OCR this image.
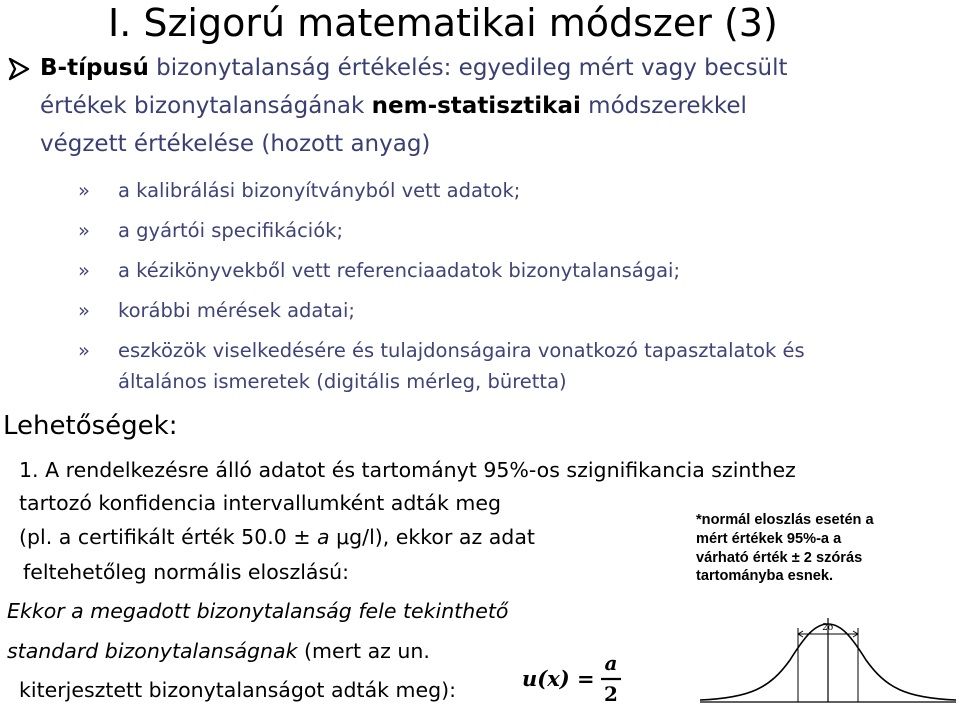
I. Szigorú matematikai módszer (3)
B-típusú bizonytalanság értékelés: egyedileg mért vagy becsült
értékek bizonytalanságának nem-statisztikai módszerekkel
végzett értékelése (hozott anyag)
» a kalibrálási bizonyítványból vett adatok;
» a gyártói specifikációk;
» a kézikönyvekből vett referenciaadatok bizonytalanságai;
» korábbi mérések adatai;
» eszközök viselkedésére és tulajdonságaira vonatkozó tapasztalatok és
általános ismeretek (digitális mérleg, büretta)
Lehetőségek:
1. A rendelkezésre álló adatot és tartományt 95%-os szignifikancia szinthez
tartozó konfidencia intervallumként adták meg
(pl. a certifikált érték 50.0 ± a μg/l), ekkor az adat
feltehetőleg normális eloszlású:
Ekkor a megadott bizonytalanság fele tekinthető
standard bizonytalanságnak (mert az un.
kiterjesztett bizonytalanságot adták meg):	u(x) =
a
2
*normál eloszlás esetén a
mért értékek 95%-a a
várható érték ± 2 szórás
tartományba esnek.
2σ
